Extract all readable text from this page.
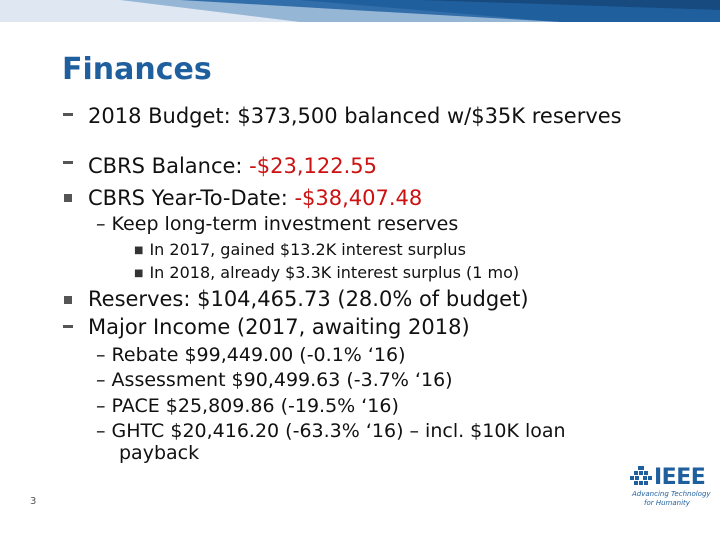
Finances
2018 Budget: $373,500 balanced w/$35K reserves
CBRS Balance: -$23,122.55
CBRS Year-To-Date: -$38,407.48
– Keep long-term investment reserves
■ In 2017, gained $13.2K interest surplus
■ In 2018, already $3.3K interest surplus (1 mo)
Reserves: $104,465.73 (28.0% of budget)
Major Income (2017, awaiting 2018)
– Rebate $99,449.00 (-0.1% ‘16)
– Assessment $90,499.63 (-3.7% ‘16)
– PACE $25,809.86 (-19.5% ‘16)
– GHTC $20,416.20 (-63.3% ‘16) – incl. $10K loan payback
3
IEEE
Advancing Technology
for Humanity
